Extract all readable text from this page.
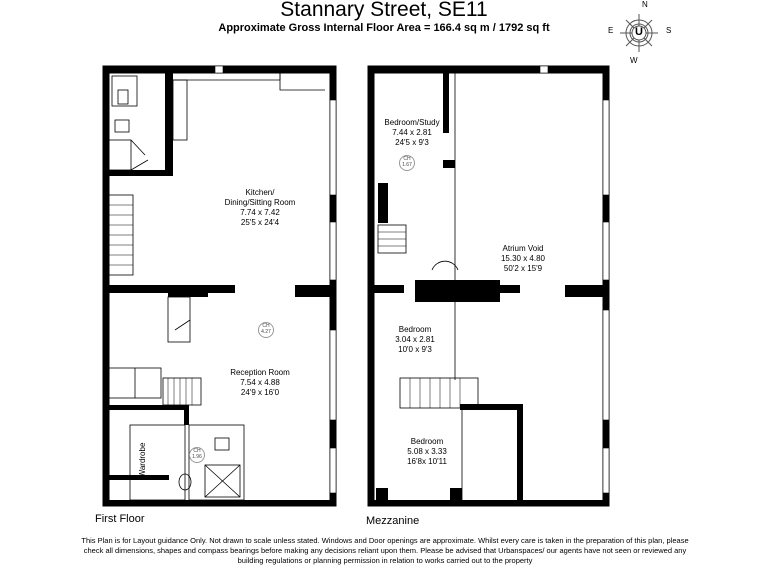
Stannary Street, SE11
Approximate Gross Internal Floor Area = 166.4 sq m / 1792 sq ft
N
S
E
W
U
Kitchen/
Dining/Sitting Room
7.74 x 7.42
25'5 x 24'4
Reception Room
7.54 x 4.88
24'9 x 16'0
Wardrobe
CH
4.27
CH
1.96
Bedroom/Study
7.44 x 2.81
24'5 x 9'3
Atrium Void
15.30 x 4.80
50'2 x 15'9
Bedroom
3.04 x 2.81
10'0 x 9'3
Bedroom
5.08 x 3.33
16'8x 10'11
CH
1.67
First Floor	Mezzanine
This Plan is for Layout guidance Only. Not drawn to scale unless stated. Windows and Door openings are approximate. Whilst every care is taken in the preparation of this plan, please check all dimensions, shapes and compass bearings before making any decisions reliant upon them. Please be advised that Urbanspaces/ our agents have not seen or reviewed any building regulations or planning permission in relation to works carried out to the property
